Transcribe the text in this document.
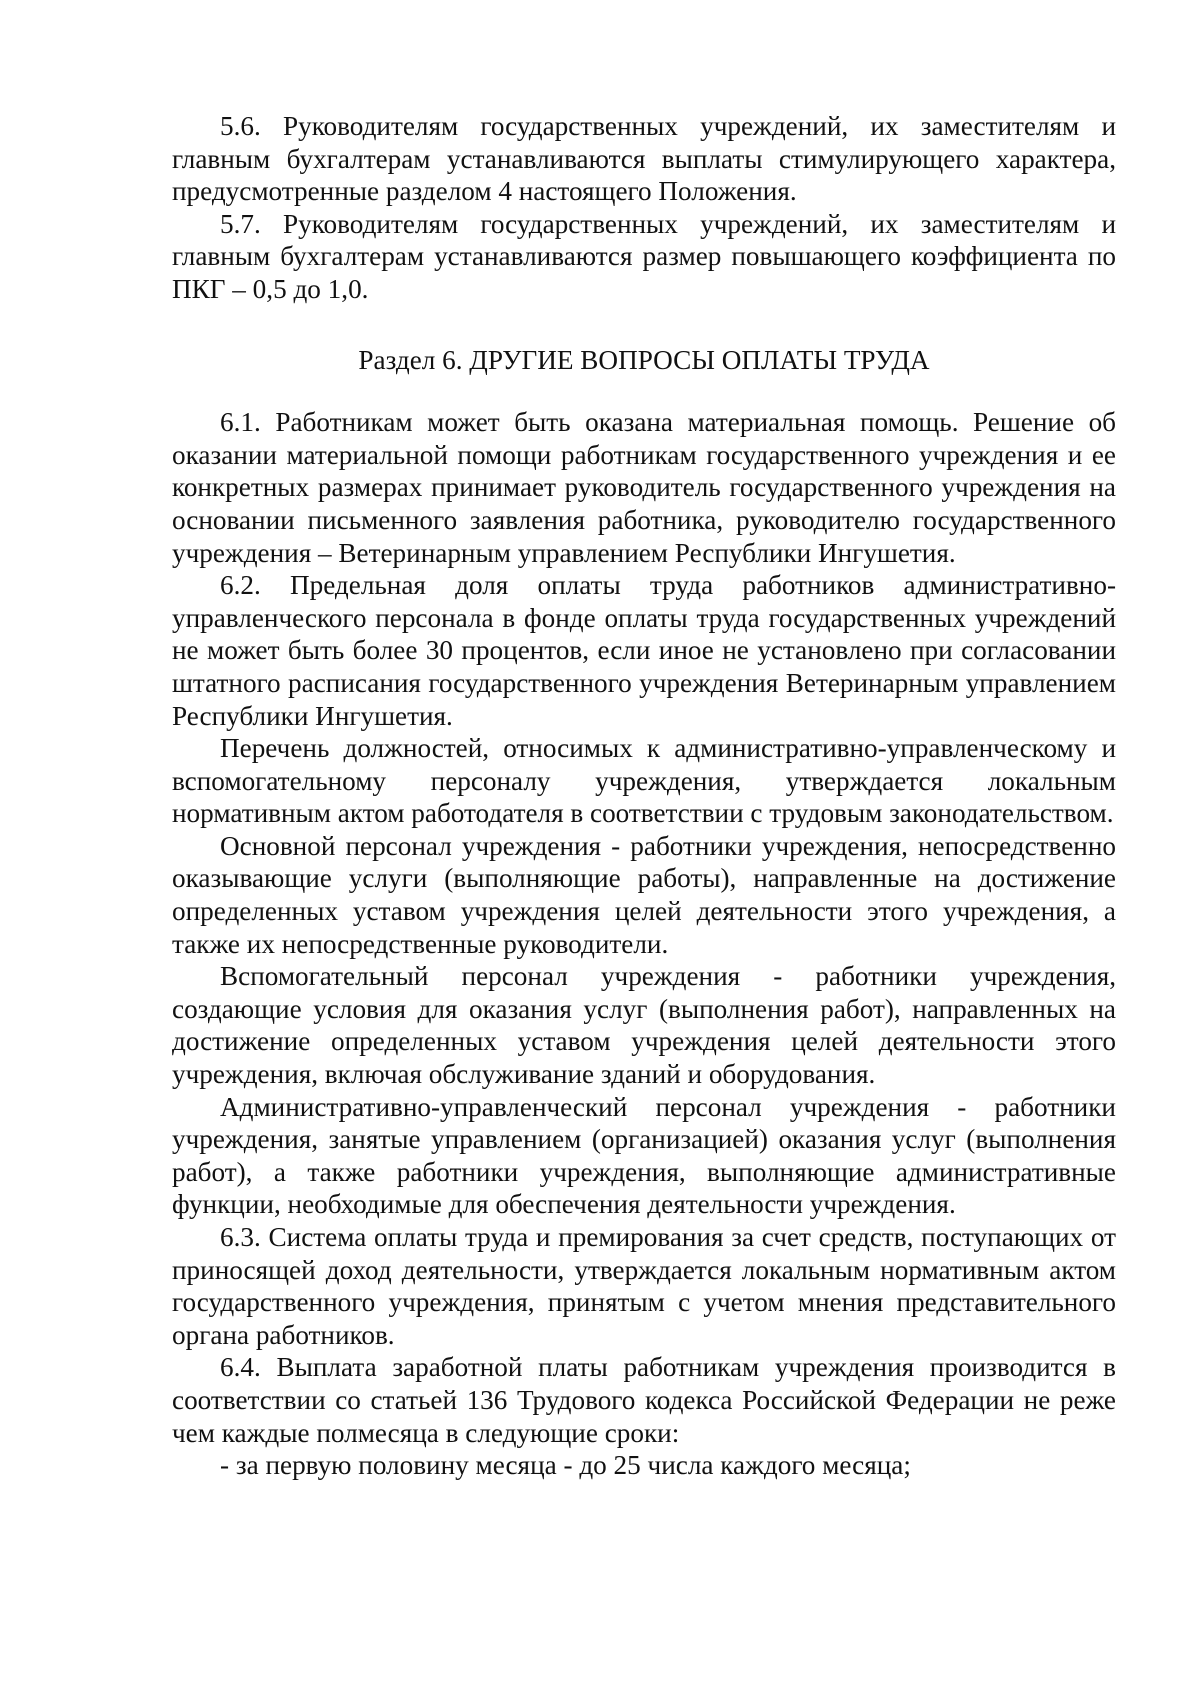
5.6. Руководителям государственных учреждений, их заместителям и главным бухгалтерам устанавливаются выплаты стимулирующего характера, предусмотренные разделом 4 настоящего Положения.

5.7. Руководителям государственных учреждений, их заместителям и главным бухгалтерам устанавливаются размер повышающего коэффициента по ПКГ – 0,5 до 1,0.

Раздел 6. ДРУГИЕ ВОПРОСЫ ОПЛАТЫ ТРУДА

6.1. Работникам может быть оказана материальная помощь. Решение об оказании материальной помощи работникам государственного учреждения и ее конкретных размерах принимает руководитель государственного учреждения на основании письменного заявления работника, руководителю государственного учреждения – Ветеринарным управлением Республики Ингушетия.

6.2. Предельная доля оплаты труда работников административно-управленческого персонала в фонде оплаты труда государственных учреждений не может быть более 30 процентов, если иное не установлено при согласовании штатного расписания государственного учреждения Ветеринарным управлением Республики Ингушетия.

Перечень должностей, относимых к административно-управленческому и вспомогательному персоналу учреждения, утверждается локальным нормативным актом работодателя в соответствии с трудовым законодательством.

Основной персонал учреждения - работники учреждения, непосредственно оказывающие услуги (выполняющие работы), направленные на достижение определенных уставом учреждения целей деятельности этого учреждения, а также их непосредственные руководители.

Вспомогательный персонал учреждения - работники учреждения, создающие условия для оказания услуг (выполнения работ), направленных на достижение определенных уставом учреждения целей деятельности этого учреждения, включая обслуживание зданий и оборудования.

Административно-управленческий персонал учреждения - работники учреждения, занятые управлением (организацией) оказания услуг (выполнения работ), а также работники учреждения, выполняющие административные функции, необходимые для обеспечения деятельности учреждения.

6.3. Система оплаты труда и премирования за счет средств, поступающих от приносящей доход деятельности, утверждается локальным нормативным актом государственного учреждения, принятым с учетом мнения представительного органа работников.

6.4. Выплата заработной платы работникам учреждения производится в соответствии со статьей 136 Трудового кодекса Российской Федерации не реже чем каждые полмесяца в следующие сроки:

- за первую половину месяца - до 25 числа каждого месяца;
